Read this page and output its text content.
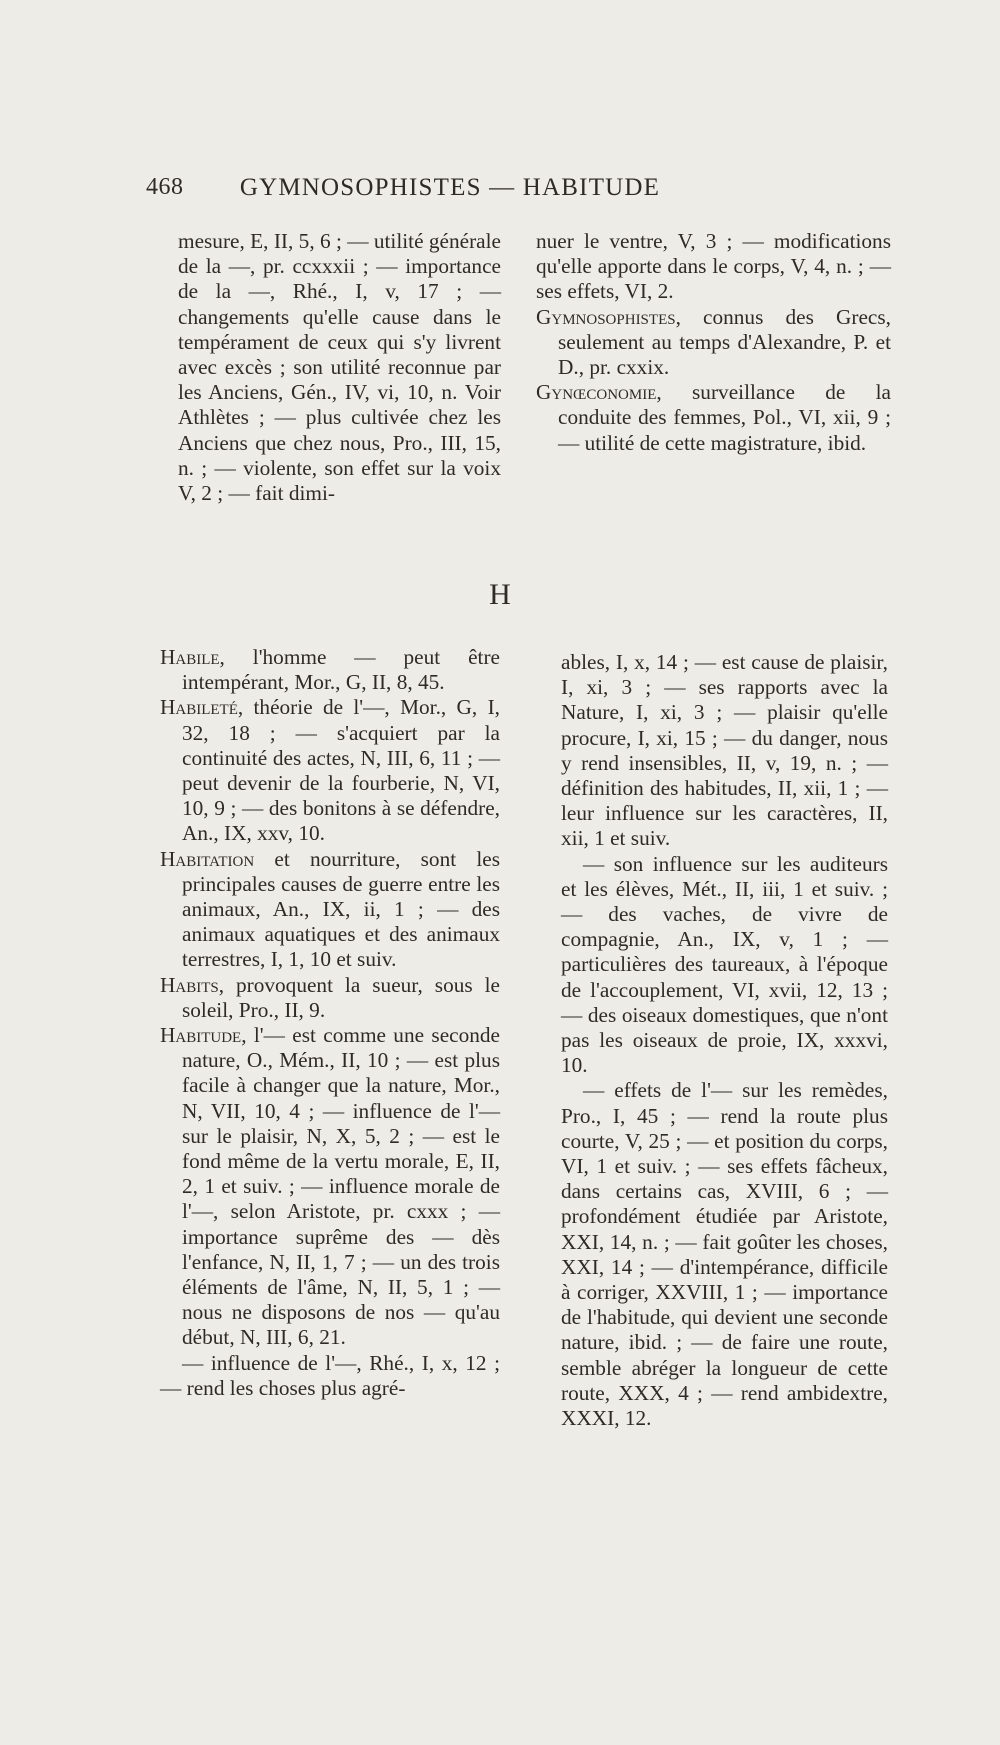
468	GYMNOSOPHISTES — HABITUDE

mesure, E, II, 5, 6 ; — utilité générale de la —, pr. ccxxxii ; — importance de la —, Rhé., I, v, 17 ; — changements qu'elle cause dans le tempérament de ceux qui s'y livrent avec excès ; son utilité reconnue par les Anciens, Gén., IV, vi, 10, n. Voir Athlètes ; — plus cultivée chez les Anciens que chez nous, Pro., III, 15, n. ; — violente, son effet sur la voix V, 2 ; — fait dimi-

nuer le ventre, V, 3 ; — modifications qu'elle apporte dans le corps, V, 4, n. ; — ses effets, VI, 2.

Gymnosophistes, connus des Grecs, seulement au temps d'Alexandre, P. et D., pr. cxxix.

Gynœconomie, surveillance de la conduite des femmes, Pol., VI, xii, 9 ; — utilité de cette magistrature, ibid.

H

Habile, l'homme — peut être intempérant, Mor., G, II, 8, 45.

Habileté, théorie de l'—, Mor., G, I, 32, 18 ; — s'acquiert par la continuité des actes, N, III, 6, 11 ; — peut devenir de la fourberie, N, VI, 10, 9 ; — des bonitons à se défendre, An., IX, xxv, 10.

Habitation et nourriture, sont les principales causes de guerre entre les animaux, An., IX, ii, 1 ; — des animaux aquatiques et des animaux terrestres, I, 1, 10 et suiv.

Habits, provoquent la sueur, sous le soleil, Pro., II, 9.

Habitude, l'— est comme une seconde nature, O., Mém., II, 10 ; — est plus facile à changer que la nature, Mor., N, VII, 10, 4 ; — influence de l'— sur le plaisir, N, X, 5, 2 ; — est le fond même de la vertu morale, E, II, 2, 1 et suiv. ; — influence morale de l'—, selon Aristote, pr. cxxx ; — importance suprême des — dès l'enfance, N, II, 1, 7 ; — un des trois éléments de l'âme, N, II, 5, 1 ; — nous ne disposons de nos — qu'au début, N, III, 6, 21.

— influence de l'—, Rhé., I, x, 12 ; — rend les choses plus agré-

ables, I, x, 14 ; — est cause de plaisir, I, xi, 3 ; — ses rapports avec la Nature, I, xi, 3 ; — plaisir qu'elle procure, I, xi, 15 ; — du danger, nous y rend insensibles, II, v, 19, n. ; — définition des habitudes, II, xii, 1 ; — leur influence sur les caractères, II, xii, 1 et suiv.

— son influence sur les auditeurs et les élèves, Mét., II, iii, 1 et suiv. ; — des vaches, de vivre de compagnie, An., IX, v, 1 ; — particulières des taureaux, à l'époque de l'accouplement, VI, xvii, 12, 13 ; — des oiseaux domestiques, que n'ont pas les oiseaux de proie, IX, xxxvi, 10.

— effets de l'— sur les remèdes, Pro., I, 45 ; — rend la route plus courte, V, 25 ; — et position du corps, VI, 1 et suiv. ; — ses effets fâcheux, dans certains cas, XVIII, 6 ; — profondément étudiée par Aristote, XXI, 14, n. ; — fait goûter les choses, XXI, 14 ; — d'intempérance, difficile à corriger, XXVIII, 1 ; — importance de l'habitude, qui devient une seconde nature, ibid. ; — de faire une route, semble abréger la longueur de cette route, XXX, 4 ; — rend ambidextre, XXXI, 12.
